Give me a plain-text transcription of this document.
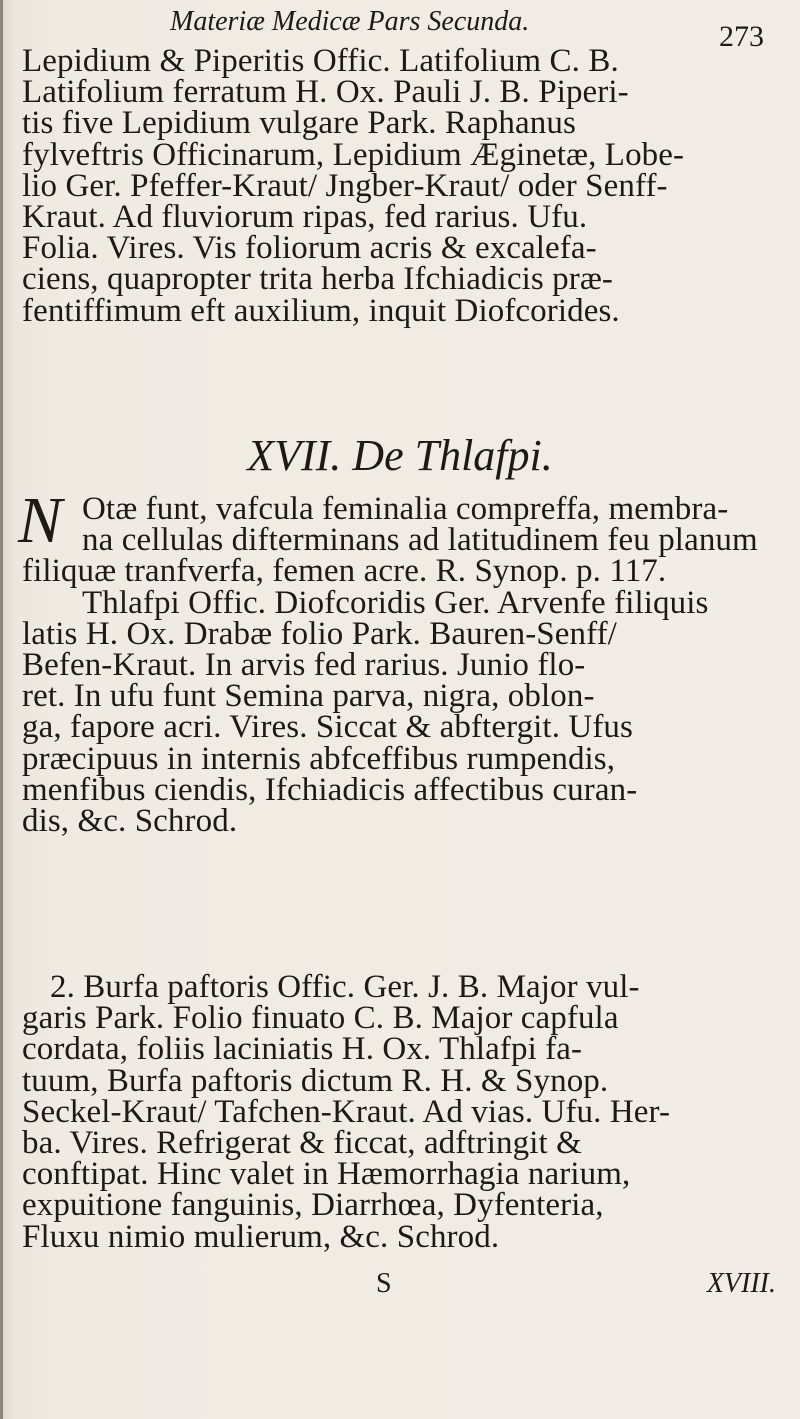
Materiæ Medicæ Pars Secunda.	273
Lepidium & Piperitis Offic. Latifolium C. B.
Latifolium ferratum H. Ox. Pauli J. B. Piperi-
tis five Lepidium vulgare Park. Raphanus
fylveftris Officinarum, Lepidium Æginetæ, Lobe-
lio Ger. Pfeffer-Kraut/ Jngber-Kraut/ oder Senff-
Kraut. Ad fluviorum ripas, fed rarius. Ufu.
Folia. Vires. Vis foliorum acris & excalefa-
ciens, quapropter trita herba Ifchiadicis præ-
fentiffimum eft auxilium, inquit Diofcorides.
XVII. De Thlafpi.
N Otæ funt, vafcula feminalia compreffa, membra-
na cellulas difterminans ad latitudinem feu planum
filiquæ tranfverfa, femen acre. R. Synop. p. 117.
Thlafpi Offic. Diofcoridis Ger. Arvenfe filiquis
latis H. Ox. Drabæ folio Park. Bauren-Senff/
Befen-Kraut. In arvis fed rarius. Junio flo-
ret. In ufu funt Semina parva, nigra, oblon-
ga, fapore acri. Vires. Siccat & abftergit. Ufus
præcipuus in internis abfceffibus rumpendis,
menfibus ciendis, Ifchiadicis affectibus curan-
dis, &c. Schrod.
2. Burfa paftoris Offic. Ger. J. B. Major vul-
garis Park. Folio finuato C. B. Major capfula
cordata, foliis laciniatis H. Ox. Thlafpi fa-
tuum, Burfa paftoris dictum R. H. & Synop.
Seckel-Kraut/ Tafchen-Kraut. Ad vias. Ufu. Her-
ba. Vires. Refrigerat & ficcat, adftringit &
conftipat. Hinc valet in Hæmorrhagia narium,
expuitione fanguinis, Diarrhœa, Dyfenteria,
Fluxu nimio mulierum, &c. Schrod.
S	XVIII.
